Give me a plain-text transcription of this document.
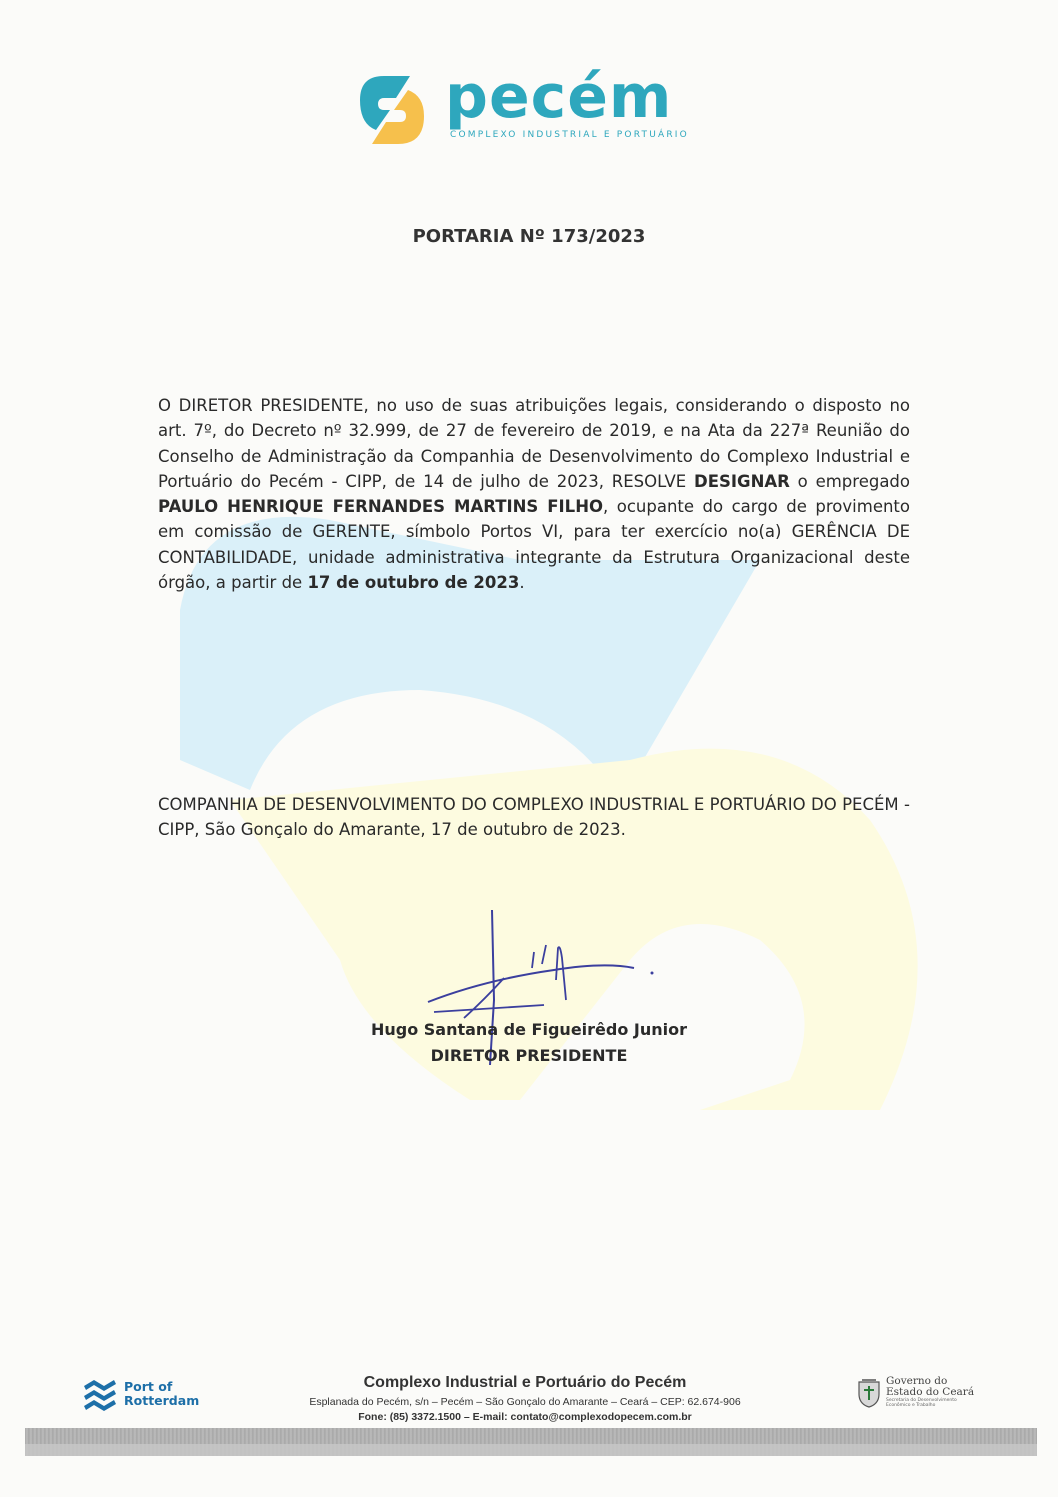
pecém
COMPLEXO INDUSTRIAL E PORTUÁRIO
PORTARIA Nº 173/2023
O DIRETOR PRESIDENTE, no uso de suas atribuições legais, considerando o disposto no art. 7º, do Decreto nº 32.999, de 27 de fevereiro de 2019, e na Ata da 227ª Reunião do Conselho de Administração da Companhia de Desenvolvimento do Complexo Industrial e Portuário do Pecém - CIPP, de 14 de julho de 2023, RESOLVE DESIGNAR o empregado PAULO HENRIQUE FERNANDES MARTINS FILHO, ocupante do cargo de provimento em comissão de GERENTE, símbolo Portos VI, para ter exercício no(a) GERÊNCIA DE CONTABILIDADE, unidade administrativa integrante da Estrutura Organizacional deste órgão, a partir de 17 de outubro de 2023.
COMPANHIA DE DESENVOLVIMENTO DO COMPLEXO INDUSTRIAL E PORTUÁRIO DO PECÉM - CIPP, São Gonçalo do Amarante, 17 de outubro de 2023.
Hugo Santana de Figueirêdo Junior
DIRETOR PRESIDENTE
Port of
Rotterdam
Complexo Industrial e Portuário do Pecém
Esplanada do Pecém, s/n – Pecém – São Gonçalo do Amarante – Ceará – CEP: 62.674-906
Fone: (85) 3372.1500 – E-mail: contato@complexodopecem.com.br
Governo do
Estado do Ceará
Secretaria do Desenvolvimento
Econômico e Trabalho
